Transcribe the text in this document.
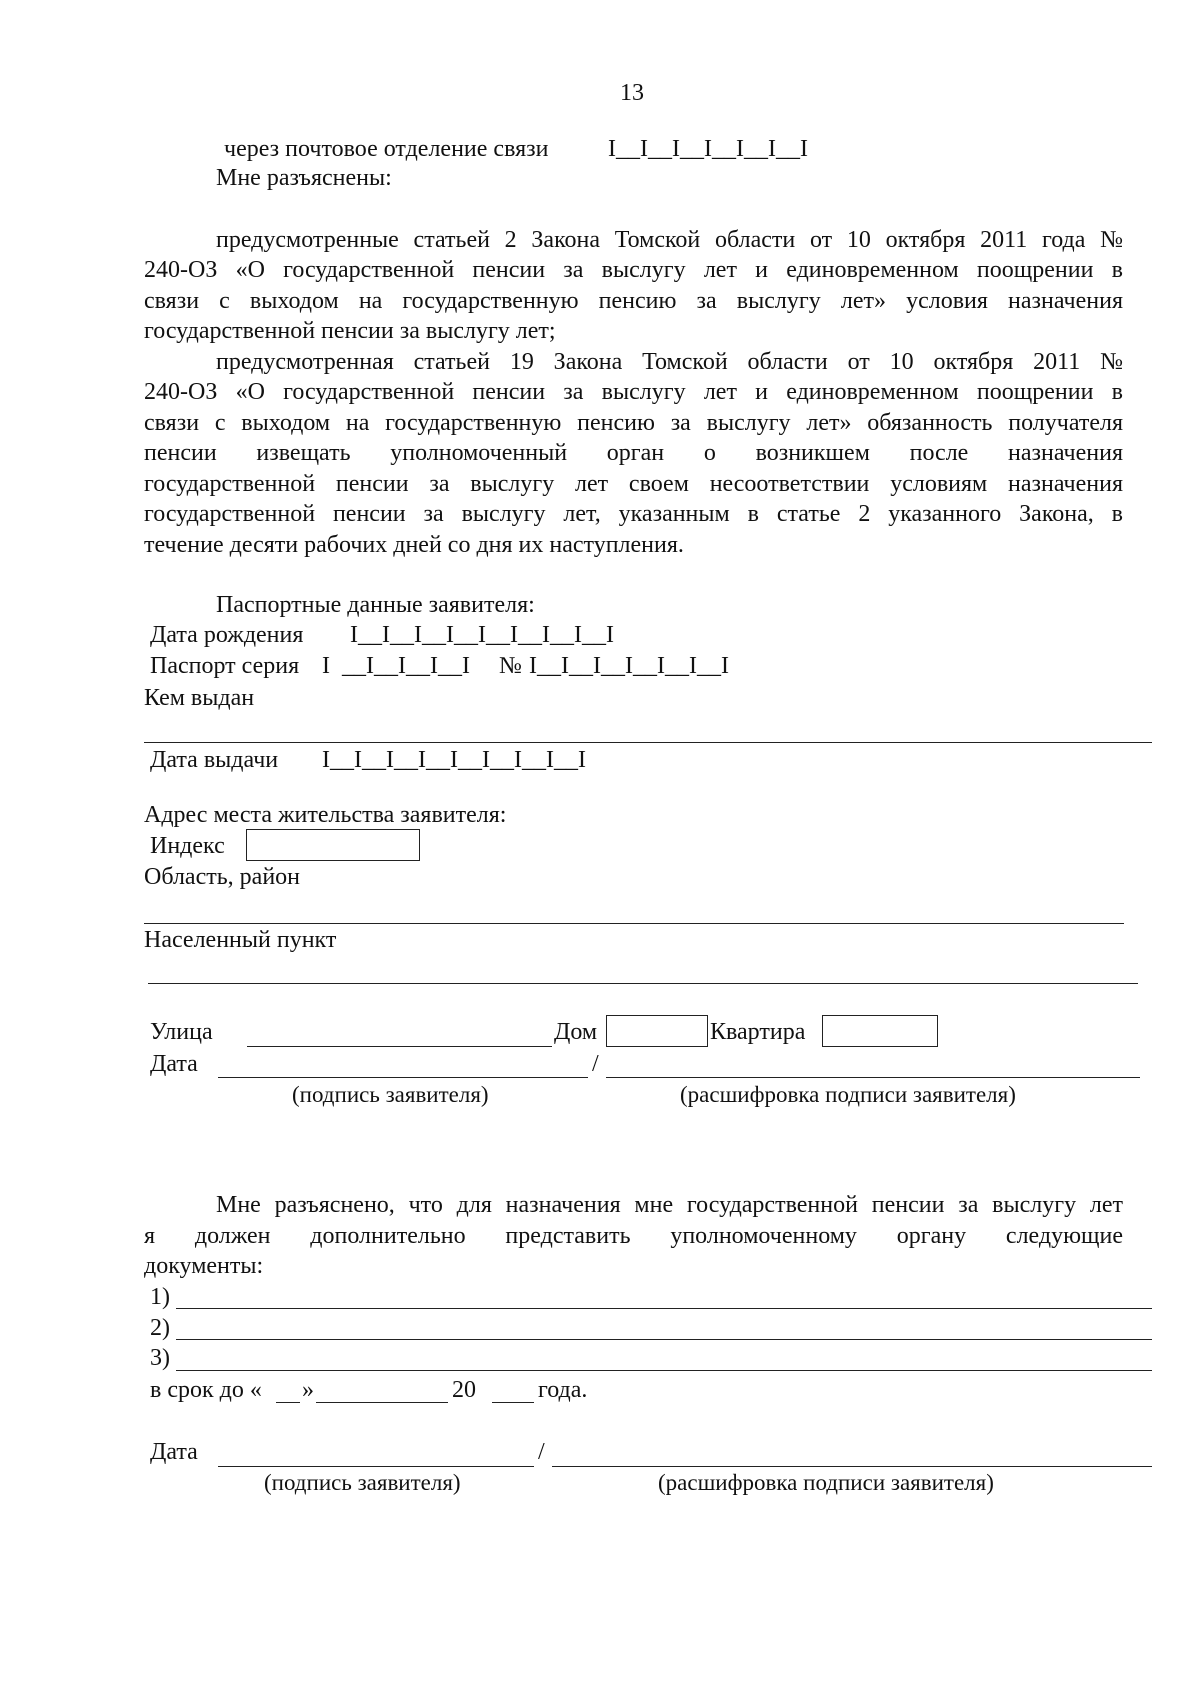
13
через почтовое отделение связи I__I__I__I__I__I__I
Мне разъяснены:
предусмотренные статьей 2 Закона Томской области от 10 октября 2011 года №
240-ОЗ «О государственной пенсии за выслугу лет и единовременном поощрении в
связи с выходом на государственную пенсию за выслугу лет» условия назначения
государственной пенсии за выслугу лет;
предусмотренная статьей 19 Закона Томской области от 10 октября 2011 №
240-ОЗ «О государственной пенсии за выслугу лет и единовременном поощрении в
связи с выходом на государственную пенсию за выслугу лет» обязанность получателя
пенсии извещать уполномоченный орган о возникшем после назначения
государственной пенсии за выслугу лет своем несоответствии условиям назначения
государственной пенсии за выслугу лет, указанным в статье 2 указанного Закона, в
течение десяти рабочих дней со дня их наступления.
Паспортные данные заявителя:
Дата рождения I__I__I__I__I__I__I__I__I
Паспорт серия I  __I__I__I__I № I__I__I__I__I__I__I
Кем выдан
Дата выдачи I__I__I__I__I__I__I__I__I
Адрес места жительства заявителя:
Индекс
Область, район
Населенный пункт
Улица	Дом	Квартира
Дата	/
(подпись заявителя)	(расшифровка подписи заявителя)
Мне разъяснено, что для назначения мне государственной пенсии за выслугу лет
я должен дополнительно представить уполномоченному органу следующие
документы:
1)
2)
3)
в срок до « »	20	года.
Дата	/
(подпись заявителя)	(расшифровка подписи заявителя)
